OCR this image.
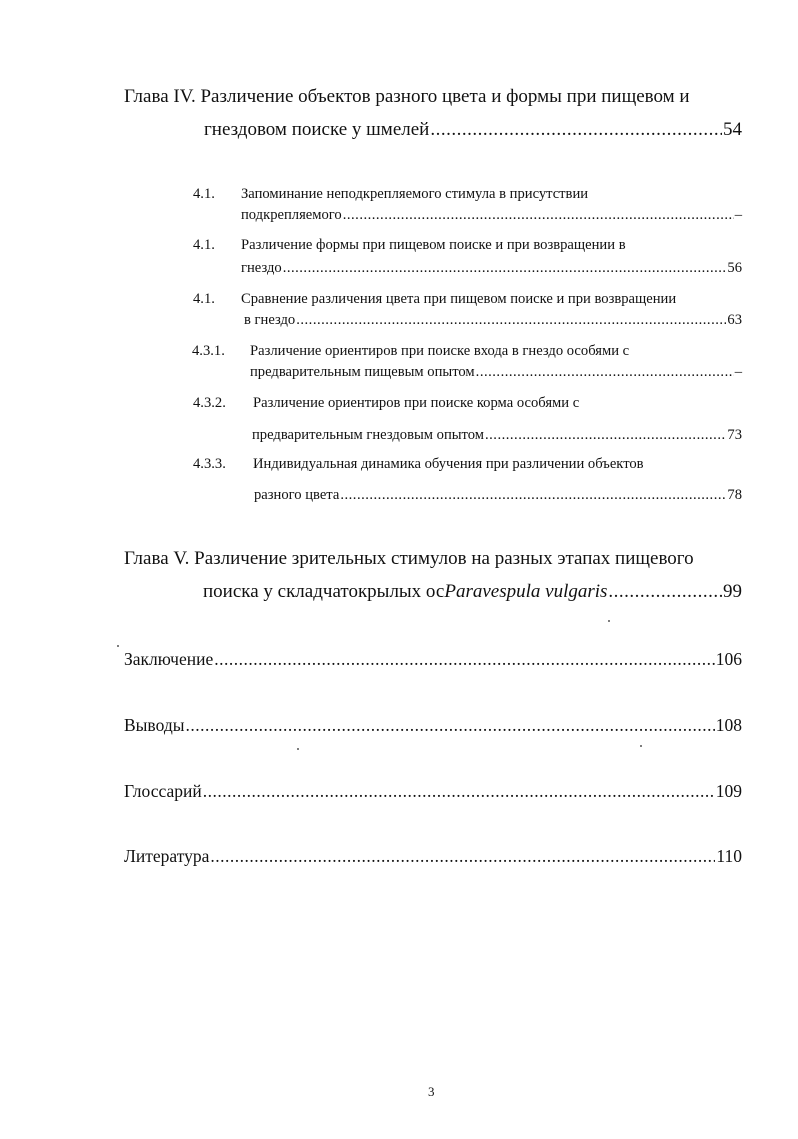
Глава IV. Различение объектов разного цвета и формы при пищевом и
гнездовом поиске у шмелей .....	54
4.1. Запоминание неподкрепляемого стимула в присутствии
подкрепляемого .....	–
4.1. Различение формы при пищевом поиске и при возвращении в
гнездо .....	56
4.1. Сравнение различения цвета при пищевом поиске и при возвращении
в гнездо .....	63
4.3.1. Различение ориентиров при поиске входа в гнездо особями с
предварительным пищевым опытом .....	–
4.3.2. Различение ориентиров при поиске корма особями с
предварительным гнездовым опытом .....	73
4.3.3. Индивидуальная динамика обучения при различении объектов
разного цвета .....	78
Глава V. Различение зрительных стимулов на разных этапах пищевого
поиска у складчатокрылых ос Paravespula vulgaris .....	99
Заключение .....	106
Выводы .....	108
Глоссарий .....	109
Литература .....	110
3
